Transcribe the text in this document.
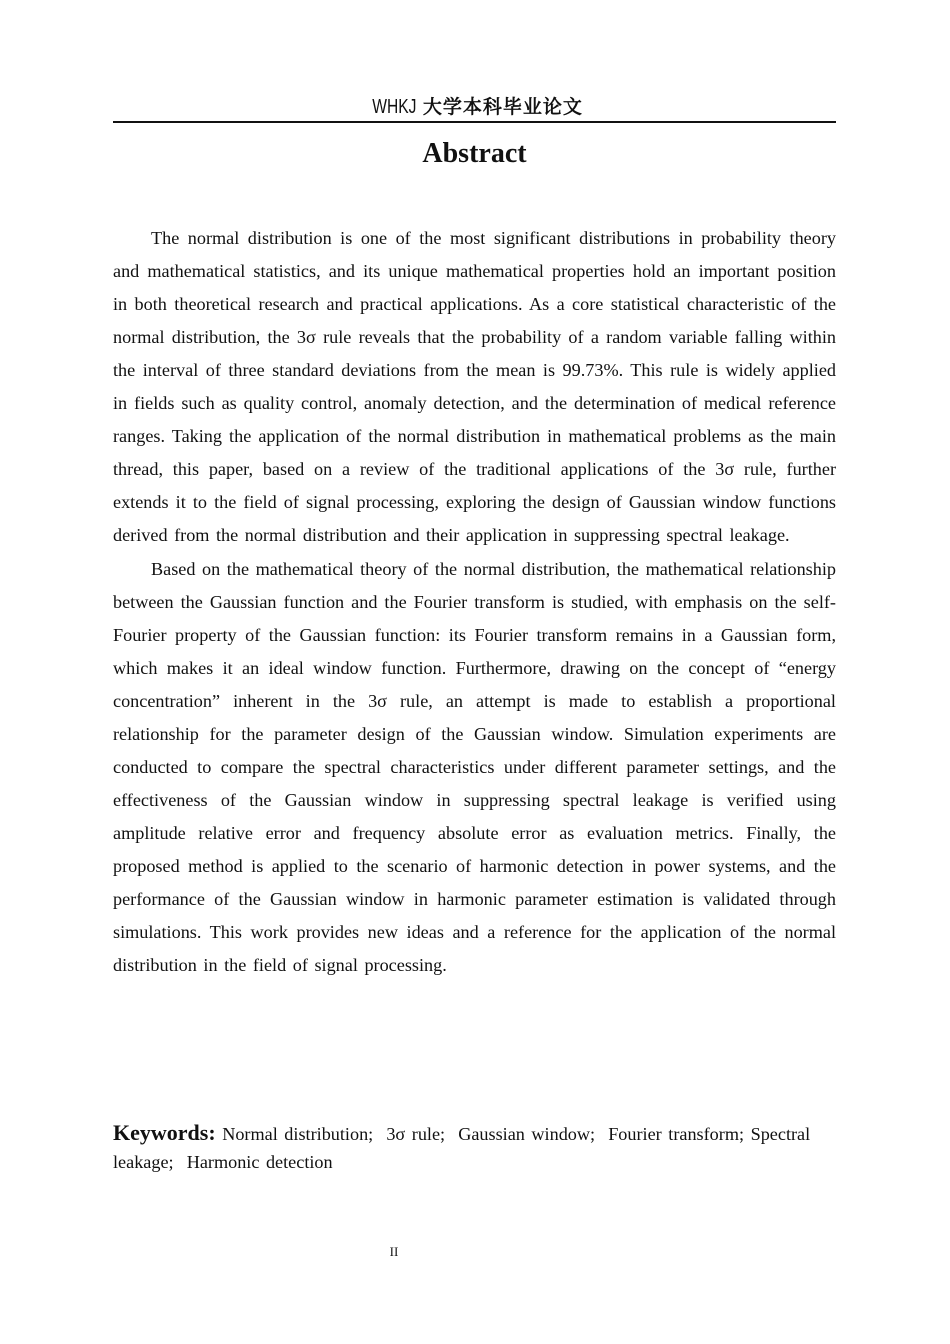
WHKJ 大学本科毕业论文
Abstract

The normal distribution is one of the most significant distributions in probability theory and mathematical statistics, and its unique mathematical properties hold an important position in both theoretical research and practical applications. As a core statistical characteristic of the normal distribution, the 3σ rule reveals that the probability of a random variable falling within the interval of three standard deviations from the mean is 99.73%. This rule is widely applied in fields such as quality control, anomaly detection, and the determination of medical reference ranges. Taking the application of the normal distribution in mathematical problems as the main thread, this paper, based on a review of the traditional applications of the 3σ rule, further extends it to the field of signal processing, exploring the design of Gaussian window functions derived from the normal distribution and their application in suppressing spectral leakage.

Based on the mathematical theory of the normal distribution, the mathematical relationship between the Gaussian function and the Fourier transform is studied, with emphasis on the self-Fourier property of the Gaussian function: its Fourier transform remains in a Gaussian form, which makes it an ideal window function. Furthermore, drawing on the concept of “energy concentration” inherent in the 3σ rule, an attempt is made to establish a proportional relationship for the parameter design of the Gaussian window. Simulation experiments are conducted to compare the spectral characteristics under different parameter settings, and the effectiveness of the Gaussian window in suppressing spectral leakage is verified using amplitude relative error and frequency absolute error as evaluation metrics. Finally, the proposed method is applied to the scenario of harmonic detection in power systems, and the performance of the Gaussian window in harmonic parameter estimation is validated through simulations. This work provides new ideas and a reference for the application of the normal distribution in the field of signal processing.

Keywords: Normal distribution; 3σ rule; Gaussian window; Fourier transform; Spectral leakage; Harmonic detection
II
